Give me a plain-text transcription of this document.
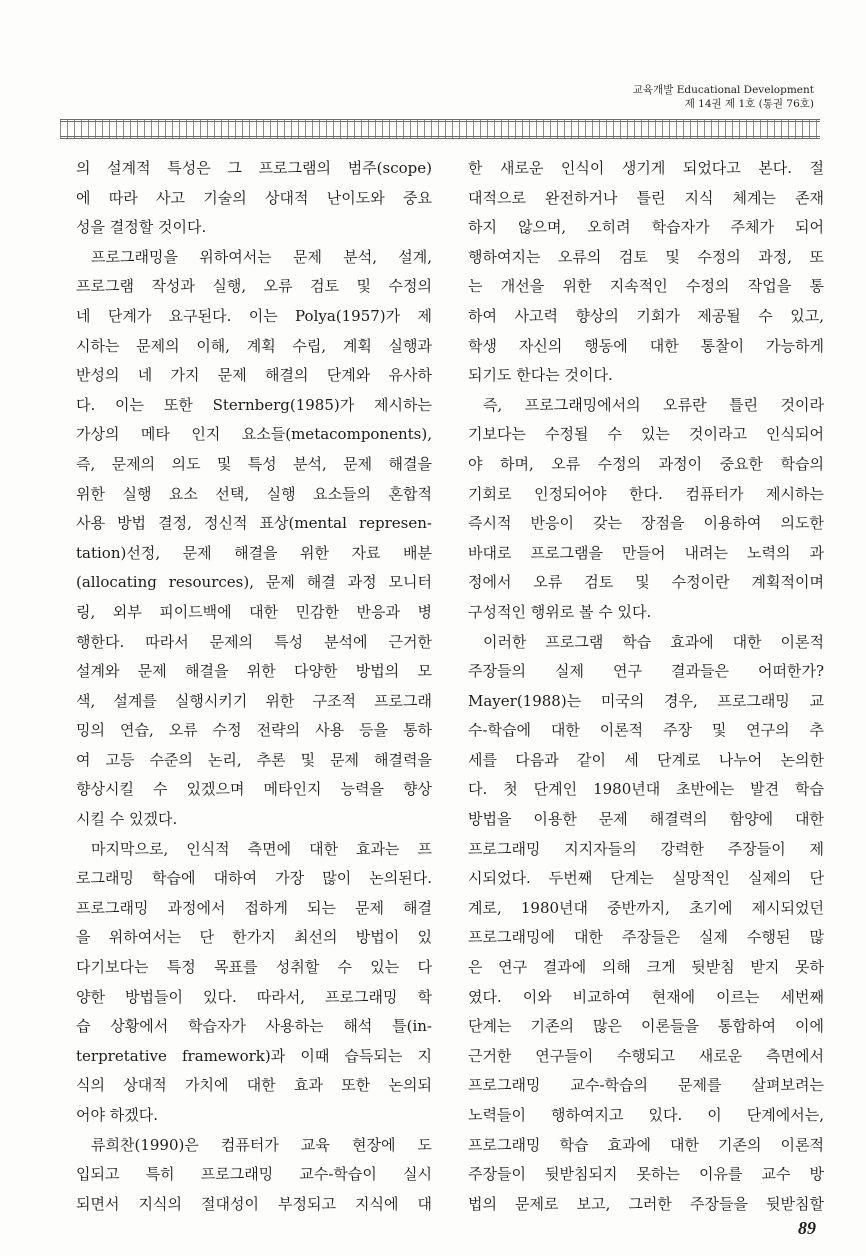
교육개발 Educational Development
제 14권 제 1호 (통권 76호)
의 설계적 특성은 그 프로그램의 범주(scope)
에 따라 사고 기술의 상대적 난이도와 중요
성을 결정할 것이다.
프로그래밍을 위하여서는 문제 분석, 설계,
프로그램 작성과 실행, 오류 검토 및 수정의
네 단계가 요구된다. 이는 Polya(1957)가 제
시하는 문제의 이해, 계획 수립, 계획 실행과
반성의 네 가지 문제 해결의 단계와 유사하
다. 이는 또한 Sternberg(1985)가 제시하는
가상의 메타 인지 요소들(metacomponents),
즉, 문제의 의도 및 특성 분석, 문제 해결을
위한 실행 요소 선택, 실행 요소들의 혼합적
사용 방법 결정, 정신적 표상(mental represen-
tation)선정, 문제 해결을 위한 자료 배분
(allocating resources), 문제 해결 과정 모니터
링, 외부 피이드백에 대한 민감한 반응과 병
행한다. 따라서 문제의 특성 분석에 근거한
설계와 문제 해결을 위한 다양한 방법의 모
색, 설계를 실행시키기 위한 구조적 프로그래
밍의 연습, 오류 수정 전략의 사용 등을 통하
여 고등 수준의 논리, 추론 및 문제 해결력을
향상시킬 수 있겠으며 메타인지 능력을 향상
시킬 수 있겠다.
마지막으로, 인식적 측면에 대한 효과는 프
로그래밍 학습에 대하여 가장 많이 논의된다.
프로그래밍 과정에서 접하게 되는 문제 해결
을 위하여서는 단 한가지 최선의 방법이 있
다기보다는 특정 목표를 성취할 수 있는 다
양한 방법들이 있다. 따라서, 프로그래밍 학
습 상황에서 학습자가 사용하는 해석 틀(in-
terpretative framework)과 이때 습득되는 지
식의 상대적 가치에 대한 효과 또한 논의되
어야 하겠다.
류희찬(1990)은 컴퓨터가 교육 현장에 도
입되고 특히 프로그래밍 교수-학습이 실시
되면서 지식의 절대성이 부정되고 지식에 대
한 새로운 인식이 생기게 되었다고 본다. 절
대적으로 완전하거나 틀린 지식 체계는 존재
하지 않으며, 오히려 학습자가 주체가 되어
행하여지는 오류의 검토 및 수정의 과정, 또
는 개선을 위한 지속적인 수정의 작업을 통
하여 사고력 향상의 기회가 제공될 수 있고,
학생 자신의 행동에 대한 통찰이 가능하게
되기도 한다는 것이다.
즉, 프로그래밍에서의 오류란 틀린 것이라
기보다는 수정될 수 있는 것이라고 인식되어
야 하며, 오류 수정의 과정이 중요한 학습의
기회로 인정되어야 한다. 컴퓨터가 제시하는
즉시적 반응이 갖는 장점을 이용하여 의도한
바대로 프로그램을 만들어 내려는 노력의 과
정에서 오류 검토 및 수정이란 계획적이며
구성적인 행위로 볼 수 있다.
이러한 프로그램 학습 효과에 대한 이론적
주장들의 실제 연구 결과들은 어떠한가?
Mayer(1988)는 미국의 경우, 프로그래밍 교
수-학습에 대한 이론적 주장 및 연구의 추
세를 다음과 같이 세 단계로 나누어 논의한
다. 첫 단계인 1980년대 초반에는 발견 학습
방법을 이용한 문제 해결력의 함양에 대한
프로그래밍 지지자들의 강력한 주장들이 제
시되었다. 두번째 단계는 실망적인 실제의 단
계로, 1980년대 중반까지, 초기에 제시되었던
프로그래밍에 대한 주장들은 실제 수행된 많
은 연구 결과에 의해 크게 뒷받침 받지 못하
였다. 이와 비교하여 현재에 이르는 세번째
단계는 기존의 많은 이론들을 통합하여 이에
근거한 연구들이 수행되고 새로운 측면에서
프로그래밍 교수-학습의 문제를 살펴보려는
노력들이 행하여지고 있다. 이 단계에서는,
프로그래밍 학습 효과에 대한 기존의 이론적
주장들이 뒷받침되지 못하는 이유를 교수 방
법의 문제로 보고, 그러한 주장들을 뒷받침할
89
